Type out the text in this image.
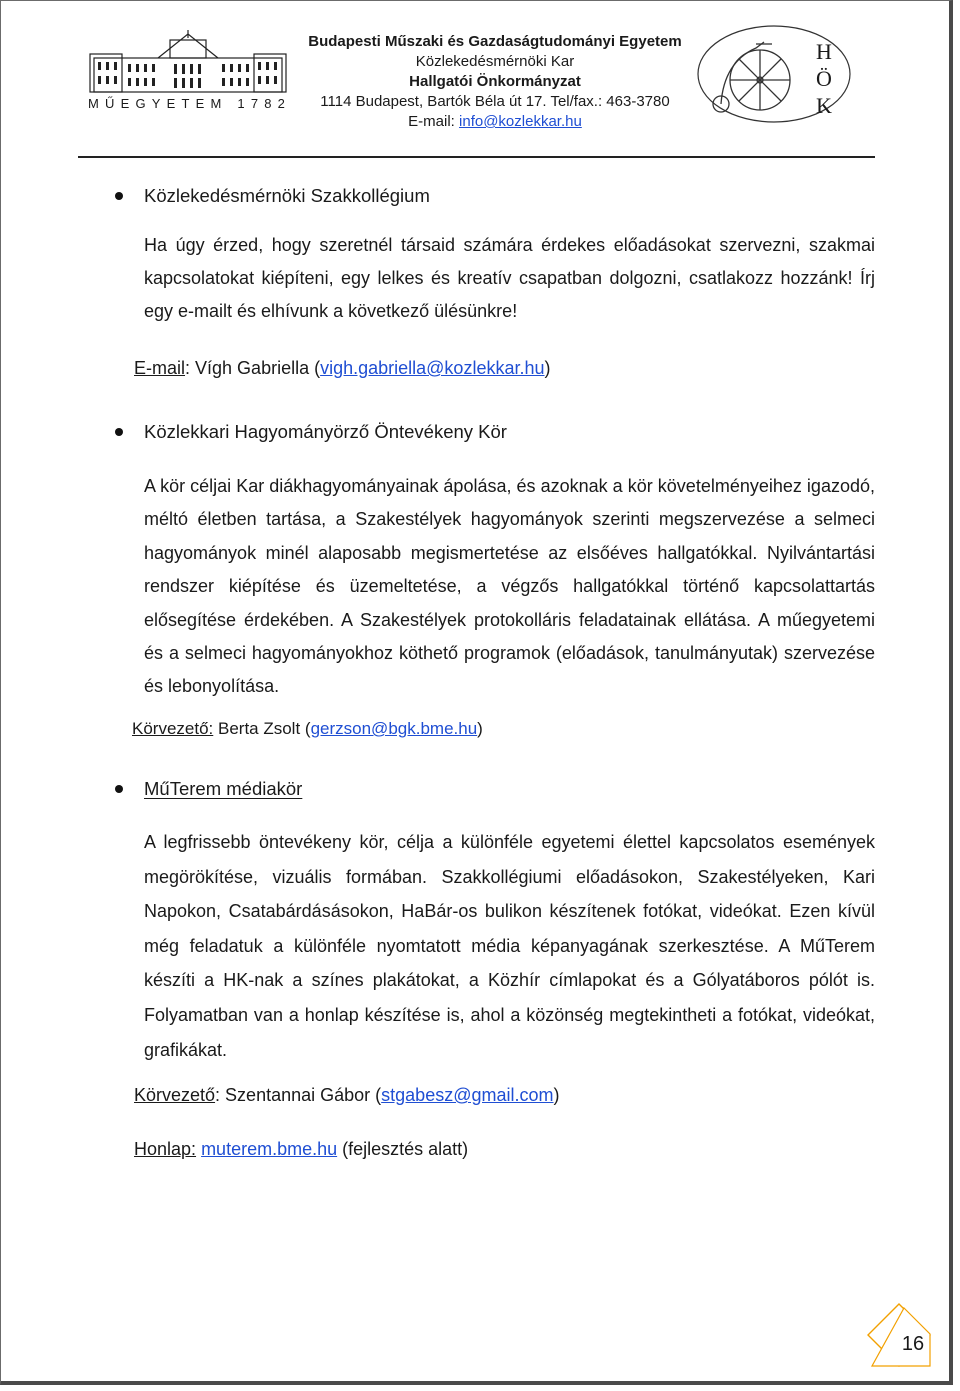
MŰEGYETEM 1782
Budapesti Műszaki és Gazdaságtudományi Egyetem
Közlekedésmérnöki Kar
Hallgatói Önkormányzat
1114 Budapest, Bartók Béla út 17. Tel/fax.: 463-3780
E-mail: info@kozlekkar.hu
H
Ö
K
Közlekedésmérnöki Szakkollégium

Ha úgy érzed, hogy szeretnél társaid számára érdekes előadásokat szervezni, szakmai kapcsolatokat kiépíteni, egy lelkes és kreatív csapatban dolgozni, csatlakozz hozzánk! Írj egy e-mailt és elhívunk a következő ülésünkre!

E-mail: Vígh Gabriella (vigh.gabriella@kozlekkar.hu)
Közlekkari Hagyományörző Öntevékeny Kör

A kör céljai Kar diákhagyományainak ápolása, és azoknak a kör követelményeihez igazodó, méltó életben tartása, a Szakestélyek hagyományok szerinti megszervezése a selmeci hagyományok minél alaposabb megismertetése az elsőéves hallgatókkal. Nyilvántartási rendszer kiépítése és üzemeltetése, a végzős hallgatókkal történő kapcsolattartás elősegítése érdekében. A Szakestélyek protokolláris feladatainak ellátása. A műegyetemi és a selmeci hagyományokhoz köthető programok (előadások, tanulmányutak) szervezése és lebonyolítása.

Körvezető: Berta Zsolt (gerzson@bgk.bme.hu)
MűTerem médiakör

A legfrissebb öntevékeny kör, célja a különféle egyetemi élettel kapcsolatos események megörökítése, vizuális formában. Szakkollégiumi előadásokon, Szakestélyeken, Kari Napokon, Csatabárdásásokon, HaBár-os bulikon készítenek fotókat, videókat. Ezen kívül még feladatuk a különféle nyomtatott média képanyagának szerkesztése. A MűTerem készíti a HK-nak a színes plakátokat, a Közhír címlapokat és a Gólyatáboros pólót is. Folyamatban van a honlap készítése is, ahol a közönség megtekintheti a fotókat, videókat, grafikákat.

Körvezető: Szentannai Gábor (stgabesz@gmail.com)
Honlap: muterem.bme.hu (fejlesztés alatt)
16
